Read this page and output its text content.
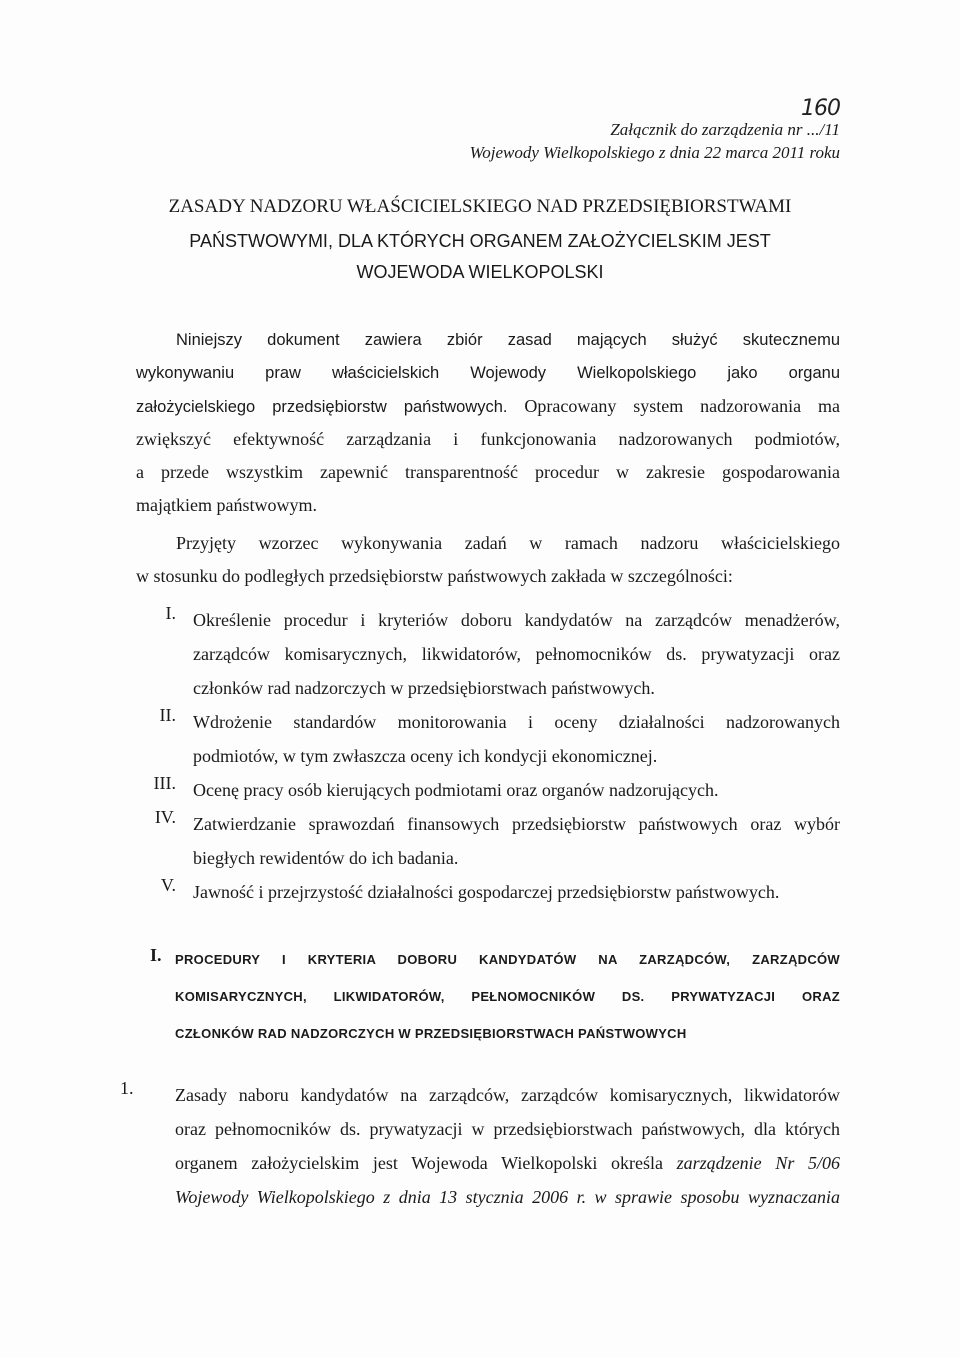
160

Załącznik do zarządzenia nr .../11

Wojewody Wielkopolskiego z dnia 22 marca 2011 roku

ZASADY NADZORU WŁAŚCICIELSKIEGO NAD PRZEDSIĘBIORSTWAMI

PAŃSTWOWYMI, DLA KTÓRYCH ORGANEM ZAŁOŻYCIELSKIM JEST

WOJEWODA WIELKOPOLSKI

Niniejszy dokument zawiera zbiór zasad mających służyć skutecznemu

wykonywaniu praw właścicielskich Wojewody Wielkopolskiego jako organu

założycielskiego przedsiębiorstw państwowych. Opracowany system nadzorowania ma

zwiększyć efektywność zarządzania i funkcjonowania nadzorowanych podmiotów,

a przede wszystkim zapewnić transparentność procedur w zakresie gospodarowania

majątkiem państwowym.

Przyjęty wzorzec wykonywania zadań w ramach nadzoru właścicielskiego

w stosunku do podległych przedsiębiorstw państwowych zakłada w szczególności:

I. Określenie procedur i kryteriów doboru kandydatów na zarządców menadżerów,

zarządców komisarycznych, likwidatorów, pełnomocników ds. prywatyzacji oraz

członków rad nadzorczych w przedsiębiorstwach państwowych.

II. Wdrożenie standardów monitorowania i oceny działalności nadzorowanych

podmiotów, w tym zwłaszcza oceny ich kondycji ekonomicznej.

III. Ocenę pracy osób kierujących podmiotami oraz organów nadzorujących.

IV. Zatwierdzanie sprawozdań finansowych przedsiębiorstw państwowych oraz wybór

biegłych rewidentów do ich badania.

V. Jawność i przejrzystość działalności gospodarczej przedsiębiorstw państwowych.

I. PROCEDURY I KRYTERIA DOBORU KANDYDATÓW NA ZARZĄDCÓW, ZARZĄDCÓW

KOMISARYCZNYCH, LIKWIDATORÓW, PEŁNOMOCNIKÓW DS. PRYWATYZACJI ORAZ

CZŁONKÓW RAD NADZORCZYCH W PRZEDSIĘBIORSTWACH PAŃSTWOWYCH

1.	Zasady naboru kandydatów na zarządców, zarządców komisarycznych, likwidatorów

oraz pełnomocników ds. prywatyzacji w przedsiębiorstwach państwowych, dla których

organem założycielskim jest Wojewoda Wielkopolski określa zarządzenie Nr 5/06

Wojewody Wielkopolskiego z dnia 13 stycznia 2006 r. w sprawie sposobu wyznaczania
